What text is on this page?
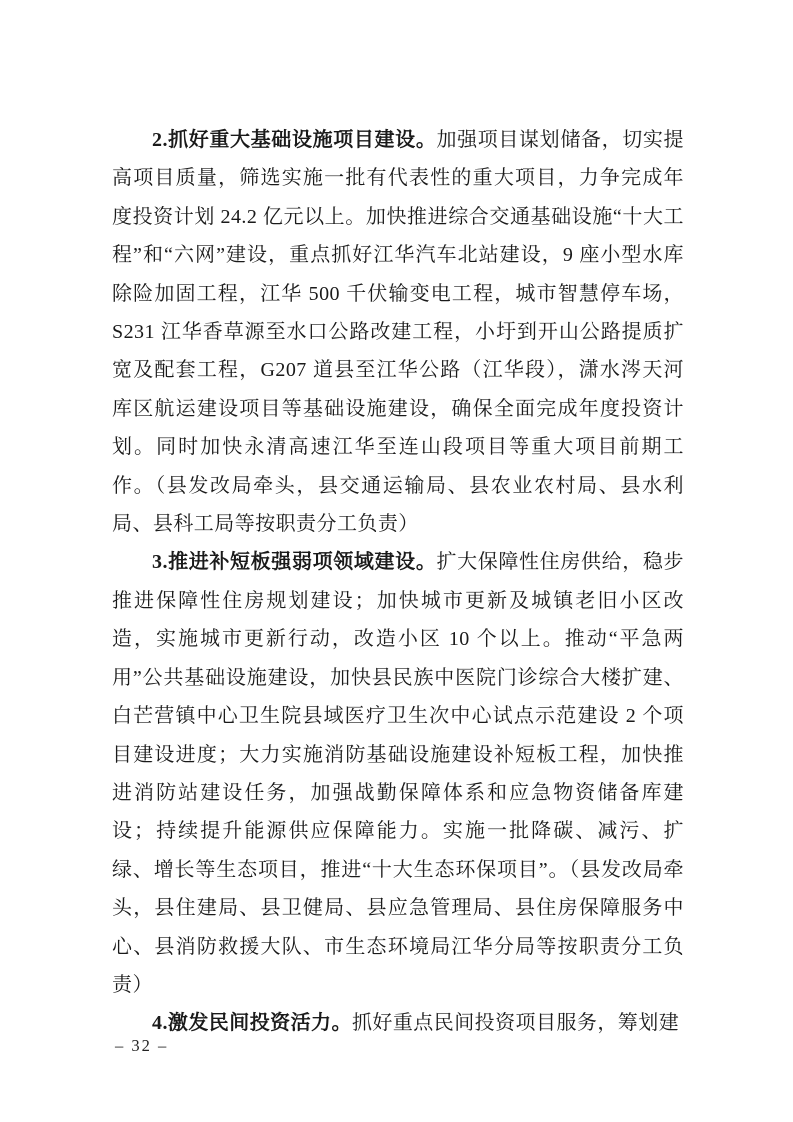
2.抓好重大基础设施项目建设。加强项目谋划储备，切实提高项目质量，筛选实施一批有代表性的重大项目，力争完成年度投资计划 24.2 亿元以上。加快推进综合交通基础设施“十大工程”和“六网”建设，重点抓好江华汽车北站建设，9 座小型水库除险加固工程，江华 500 千伏输变电工程，城市智慧停车场，S231 江华香草源至水口公路改建工程，小圩到开山公路提质扩宽及配套工程，G207 道县至江华公路（江华段），潇水涔天河库区航运建设项目等基础设施建设，确保全面完成年度投资计划。同时加快永清高速江华至连山段项目等重大项目前期工作。（县发改局牵头，县交通运输局、县农业农村局、县水利局、县科工局等按职责分工负责）

3.推进补短板强弱项领域建设。扩大保障性住房供给，稳步推进保障性住房规划建设；加快城市更新及城镇老旧小区改造，实施城市更新行动，改造小区 10 个以上。推动“平急两用”公共基础设施建设，加快县民族中医院门诊综合大楼扩建、白芒营镇中心卫生院县域医疗卫生次中心试点示范建设 2 个项目建设进度；大力实施消防基础设施建设补短板工程，加快推进消防站建设任务，加强战勤保障体系和应急物资储备库建设；持续提升能源供应保障能力。实施一批降碳、减污、扩绿、增长等生态项目，推进“十大生态环保项目”。（县发改局牵头，县住建局、县卫健局、县应急管理局、县住房保障服务中心、县消防救援大队、市生态环境局江华分局等按职责分工负责）

4.激发民间投资活力。抓好重点民间投资项目服务，筹划建

– 32 –
